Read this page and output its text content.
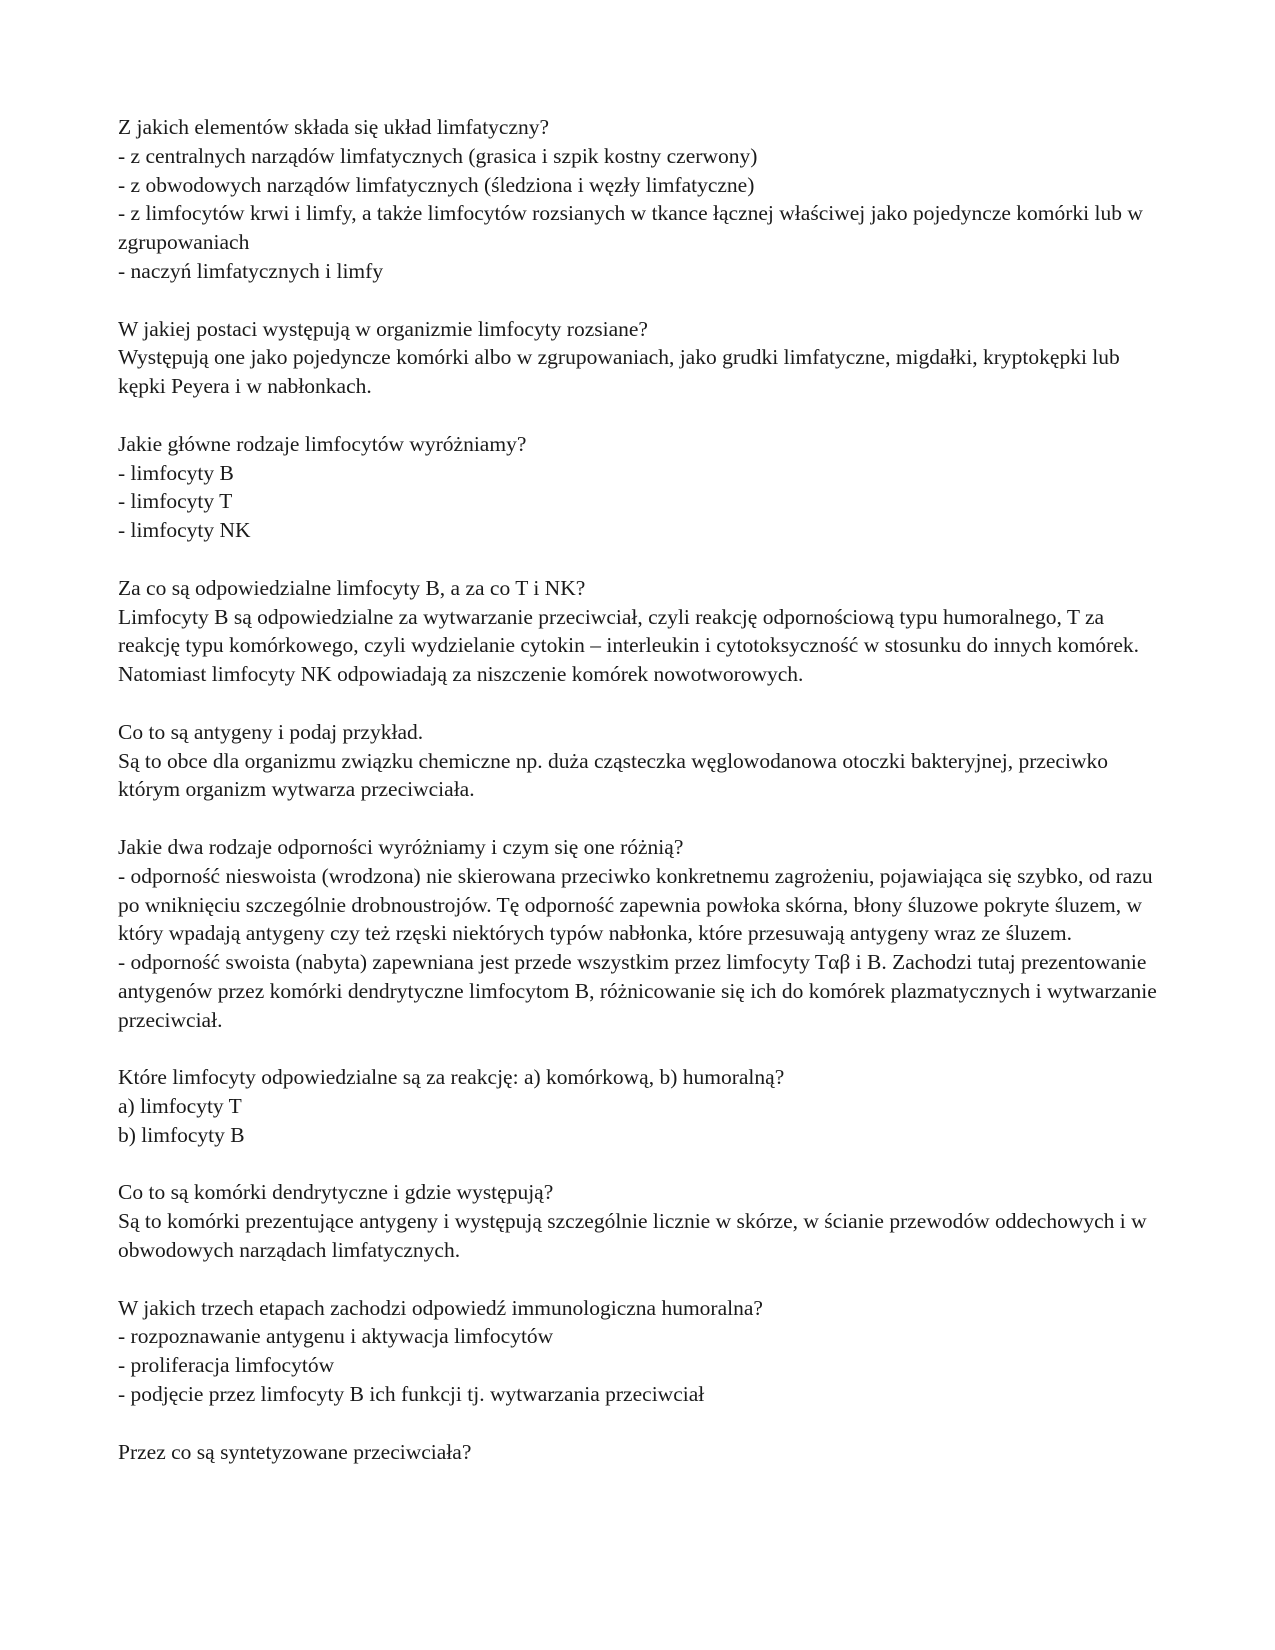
Z jakich elementów składa się układ limfatyczny?

- z centralnych narządów limfatycznych (grasica i szpik kostny czerwony)

- z obwodowych narządów limfatycznych (śledziona i węzły limfatyczne)

- z limfocytów krwi i limfy, a także limfocytów rozsianych w tkance łącznej właściwej jako pojedyncze komórki lub w zgrupowaniach

- naczyń limfatycznych i limfy

W jakiej postaci występują w organizmie limfocyty rozsiane?

Występują one jako pojedyncze komórki albo w zgrupowaniach, jako grudki limfatyczne, migdałki, kryptokępki lub kępki Peyera i w nabłonkach.

Jakie główne rodzaje limfocytów wyróżniamy?

- limfocyty B

- limfocyty T

- limfocyty NK

Za co są odpowiedzialne limfocyty B, a za co T i NK?

Limfocyty B są odpowiedzialne za wytwarzanie przeciwciał, czyli reakcję odpornościową typu humoralnego, T za reakcję typu komórkowego, czyli wydzielanie cytokin – interleukin i cytotoksyczność w stosunku do innych komórek. Natomiast limfocyty NK odpowiadają za niszczenie komórek nowotworowych.

Co to są antygeny i podaj przykład.

Są to obce dla organizmu związku chemiczne np. duża cząsteczka węglowodanowa otoczki bakteryjnej, przeciwko którym organizm wytwarza przeciwciała.

Jakie dwa rodzaje odporności wyróżniamy i czym się one różnią?

- odporność nieswoista (wrodzona) nie skierowana przeciwko konkretnemu zagrożeniu, pojawiająca się szybko, od razu po wniknięciu szczególnie drobnoustrojów. Tę odporność zapewnia powłoka skórna, błony śluzowe pokryte śluzem, w który wpadają antygeny czy też rzęski niektórych typów nabłonka, które przesuwają antygeny wraz ze śluzem.

- odporność swoista (nabyta) zapewniana jest przede wszystkim przez limfocyty Tαβ i B. Zachodzi tutaj prezentowanie antygenów przez komórki dendrytyczne limfocytom B, różnicowanie się ich do komórek plazmatycznych i wytwarzanie przeciwciał.

Które limfocyty odpowiedzialne są za reakcję: a) komórkową, b) humoralną?

a) limfocyty T

b) limfocyty B

Co to są komórki dendrytyczne i gdzie występują?

Są to komórki prezentujące antygeny i występują szczególnie licznie w skórze, w ścianie przewodów oddechowych i w obwodowych narządach limfatycznych.

W jakich trzech etapach zachodzi odpowiedź immunologiczna humoralna?

- rozpoznawanie antygenu i aktywacja limfocytów

- proliferacja limfocytów

- podjęcie przez limfocyty B ich funkcji tj. wytwarzania przeciwciał

Przez co są syntetyzowane przeciwciała?
